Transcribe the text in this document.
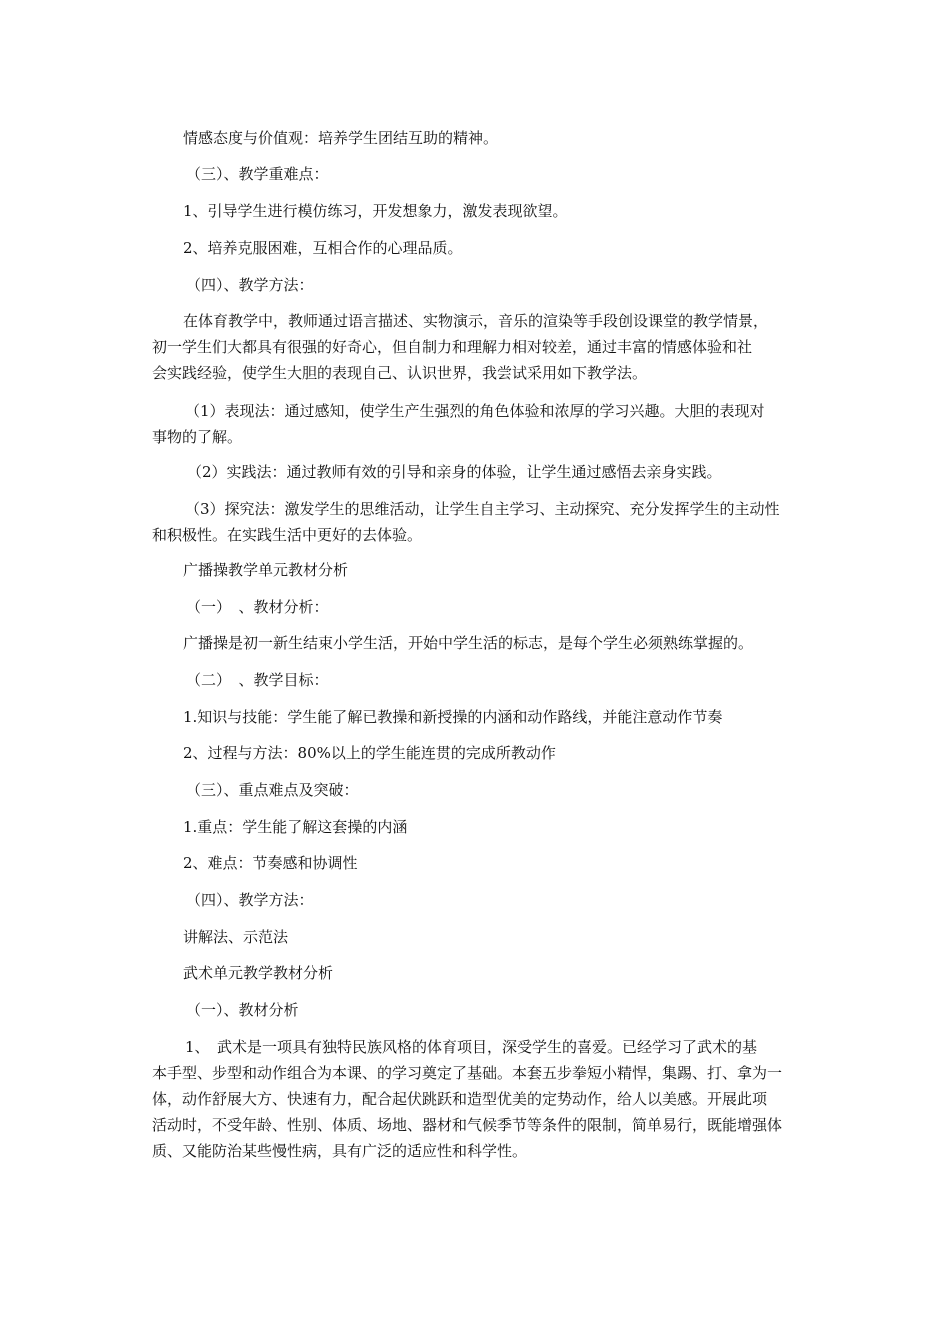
情感态度与价值观：培养学生团结互助的精神。

（三）、教学重难点：

1、引导学生进行模仿练习，开发想象力，激发表现欲望。

2、培养克服困难，互相合作的心理品质。

（四）、教学方法：

在体育教学中，教师通过语言描述、实物演示，音乐的渲染等手段创设课堂的教学情景，
初一学生们大都具有很强的好奇心，但自制力和理解力相对较差，通过丰富的情感体验和社
会实践经验，使学生大胆的表现自己、认识世界，我尝试采用如下教学法。
（1）表现法：通过感知，使学生产生强烈的角色体验和浓厚的学习兴趣。大胆的表现对
事物的了解。

（2）实践法：通过教师有效的引导和亲身的体验，让学生通过感悟去亲身实践。

（3）探究法：激发学生的思维活动，让学生自主学习、主动探究、充分发挥学生的主动性
和积极性。在实践生活中更好的去体验。

广播操教学单元教材分析

（一）　、教材分析：

广播操是初一新生结束小学生活，开始中学生活的标志，是每个学生必须熟练掌握的。

（二）　、教学目标：

1.知识与技能：学生能了解已教操和新授操的内涵和动作路线，并能注意动作节奏

2、过程与方法：80%以上的学生能连贯的完成所教动作

（三）、重点难点及突破：

1.重点：学生能了解这套操的内涵

2、难点：节奏感和协调性

（四）、教学方法：

讲解法、示范法

武术单元教学教材分析

（一）、教材分析

1、　武术是一项具有独特民族风格的体育项目，深受学生的喜爱。已经学习了武术的基
本手型、步型和动作组合为本课、的学习奠定了基础。本套五步拳短小精悍，集踢、打、拿为一
体，动作舒展大方、快速有力，配合起伏跳跃和造型优美的定势动作，给人以美感。开展此项
活动时，不受年龄、性别、体质、场地、器材和气候季节等条件的限制，简单易行，既能增强体
质、又能防治某些慢性病，具有广泛的适应性和科学性。
